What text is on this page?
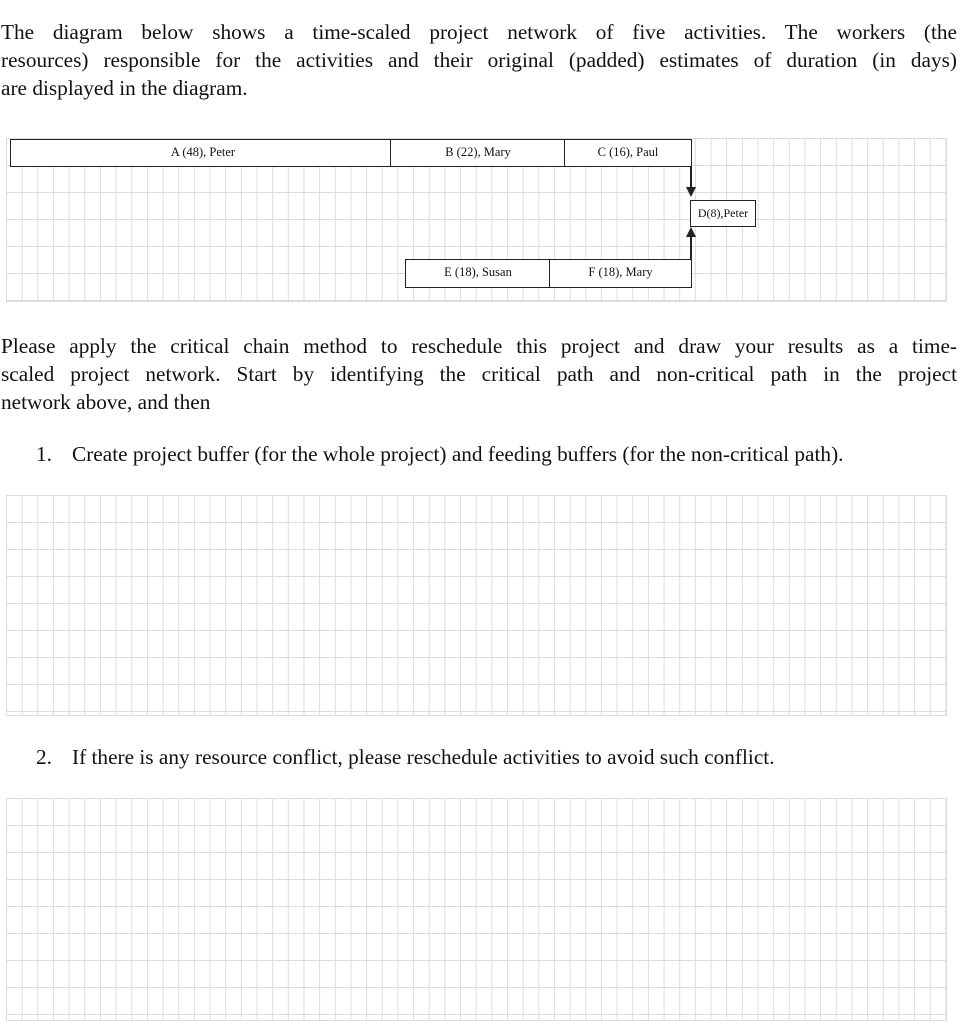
The diagram below shows a time-scaled project network of five activities. The workers (the
resources) responsible for the activities and their original (padded) estimates of duration (in days)
are displayed in the diagram.
A (48), Peter	B (22), Mary	C (16), Paul
E (18), Susan	F (18), Mary
D(8),Peter
Please apply the critical chain method to reschedule this project and draw your results as a time-
scaled project network. Start by identifying the critical path and non-critical path in the project
network above, and then
1. Create project buffer (for the whole project) and feeding buffers (for the non-critical path).
2. If there is any resource conflict, please reschedule activities to avoid such conflict.
